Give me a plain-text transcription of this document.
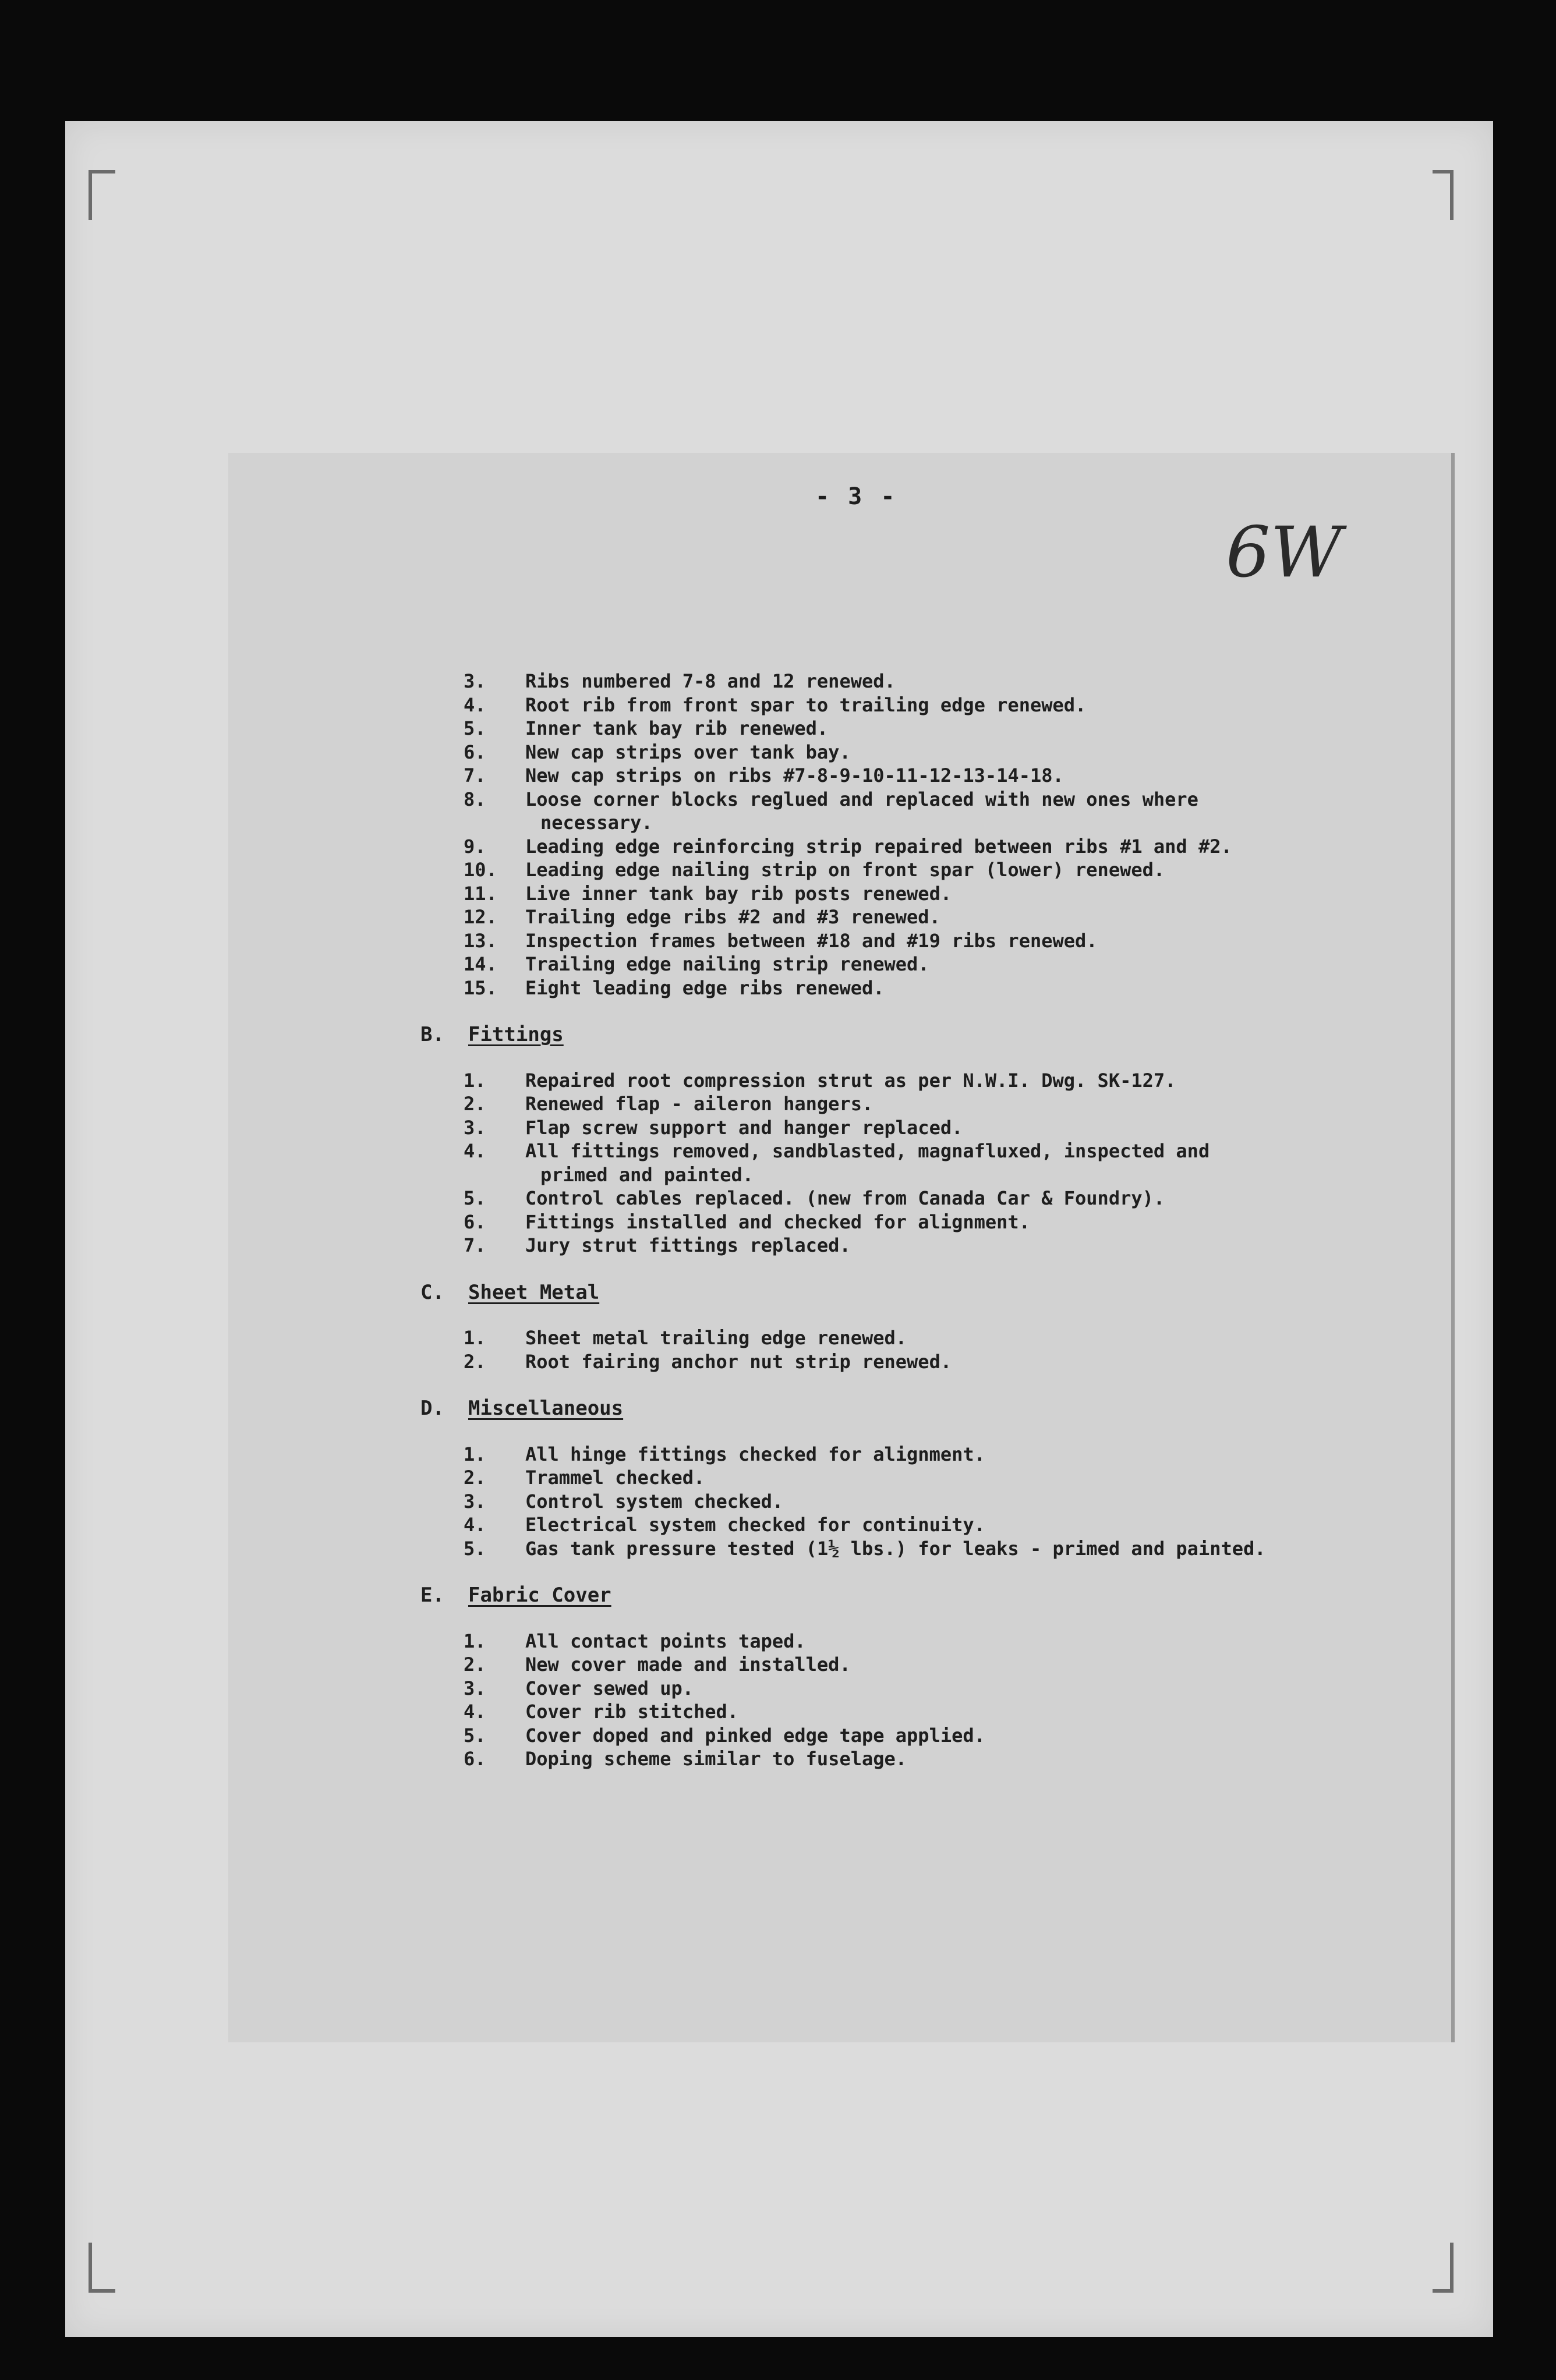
- 3 -
6W
3. Ribs numbered 7-8 and 12 renewed.
4. Root rib from front spar to trailing edge renewed.
5. Inner tank bay rib renewed.
6. New cap strips over tank bay.
7. New cap strips on ribs #7-8-9-10-11-12-13-14-18.
8. Loose corner blocks reglued and replaced with new ones where
necessary.
9. Leading edge reinforcing strip repaired between ribs #1 and #2.
10. Leading edge nailing strip on front spar (lower) renewed.
11. Live inner tank bay rib posts renewed.
12. Trailing edge ribs #2 and #3 renewed.
13. Inspection frames between #18 and #19 ribs renewed.
14. Trailing edge nailing strip renewed.
15. Eight leading edge ribs renewed.
B. Fittings
1. Repaired root compression strut as per N.W.I. Dwg. SK-127.
2. Renewed flap - aileron hangers.
3. Flap screw support and hanger replaced.
4. All fittings removed, sandblasted, magnafluxed, inspected and
primed and painted.
5. Control cables replaced. (new from Canada Car & Foundry).
6. Fittings installed and checked for alignment.
7. Jury strut fittings replaced.
C. Sheet Metal
1. Sheet metal trailing edge renewed.
2. Root fairing anchor nut strip renewed.
D. Miscellaneous
1. All hinge fittings checked for alignment.
2. Trammel checked.
3. Control system checked.
4. Electrical system checked for continuity.
5. Gas tank pressure tested (1½ lbs.) for leaks - primed and painted.
E. Fabric Cover
1. All contact points taped.
2. New cover made and installed.
3. Cover sewed up.
4. Cover rib stitched.
5. Cover doped and pinked edge tape applied.
6. Doping scheme similar to fuselage.
